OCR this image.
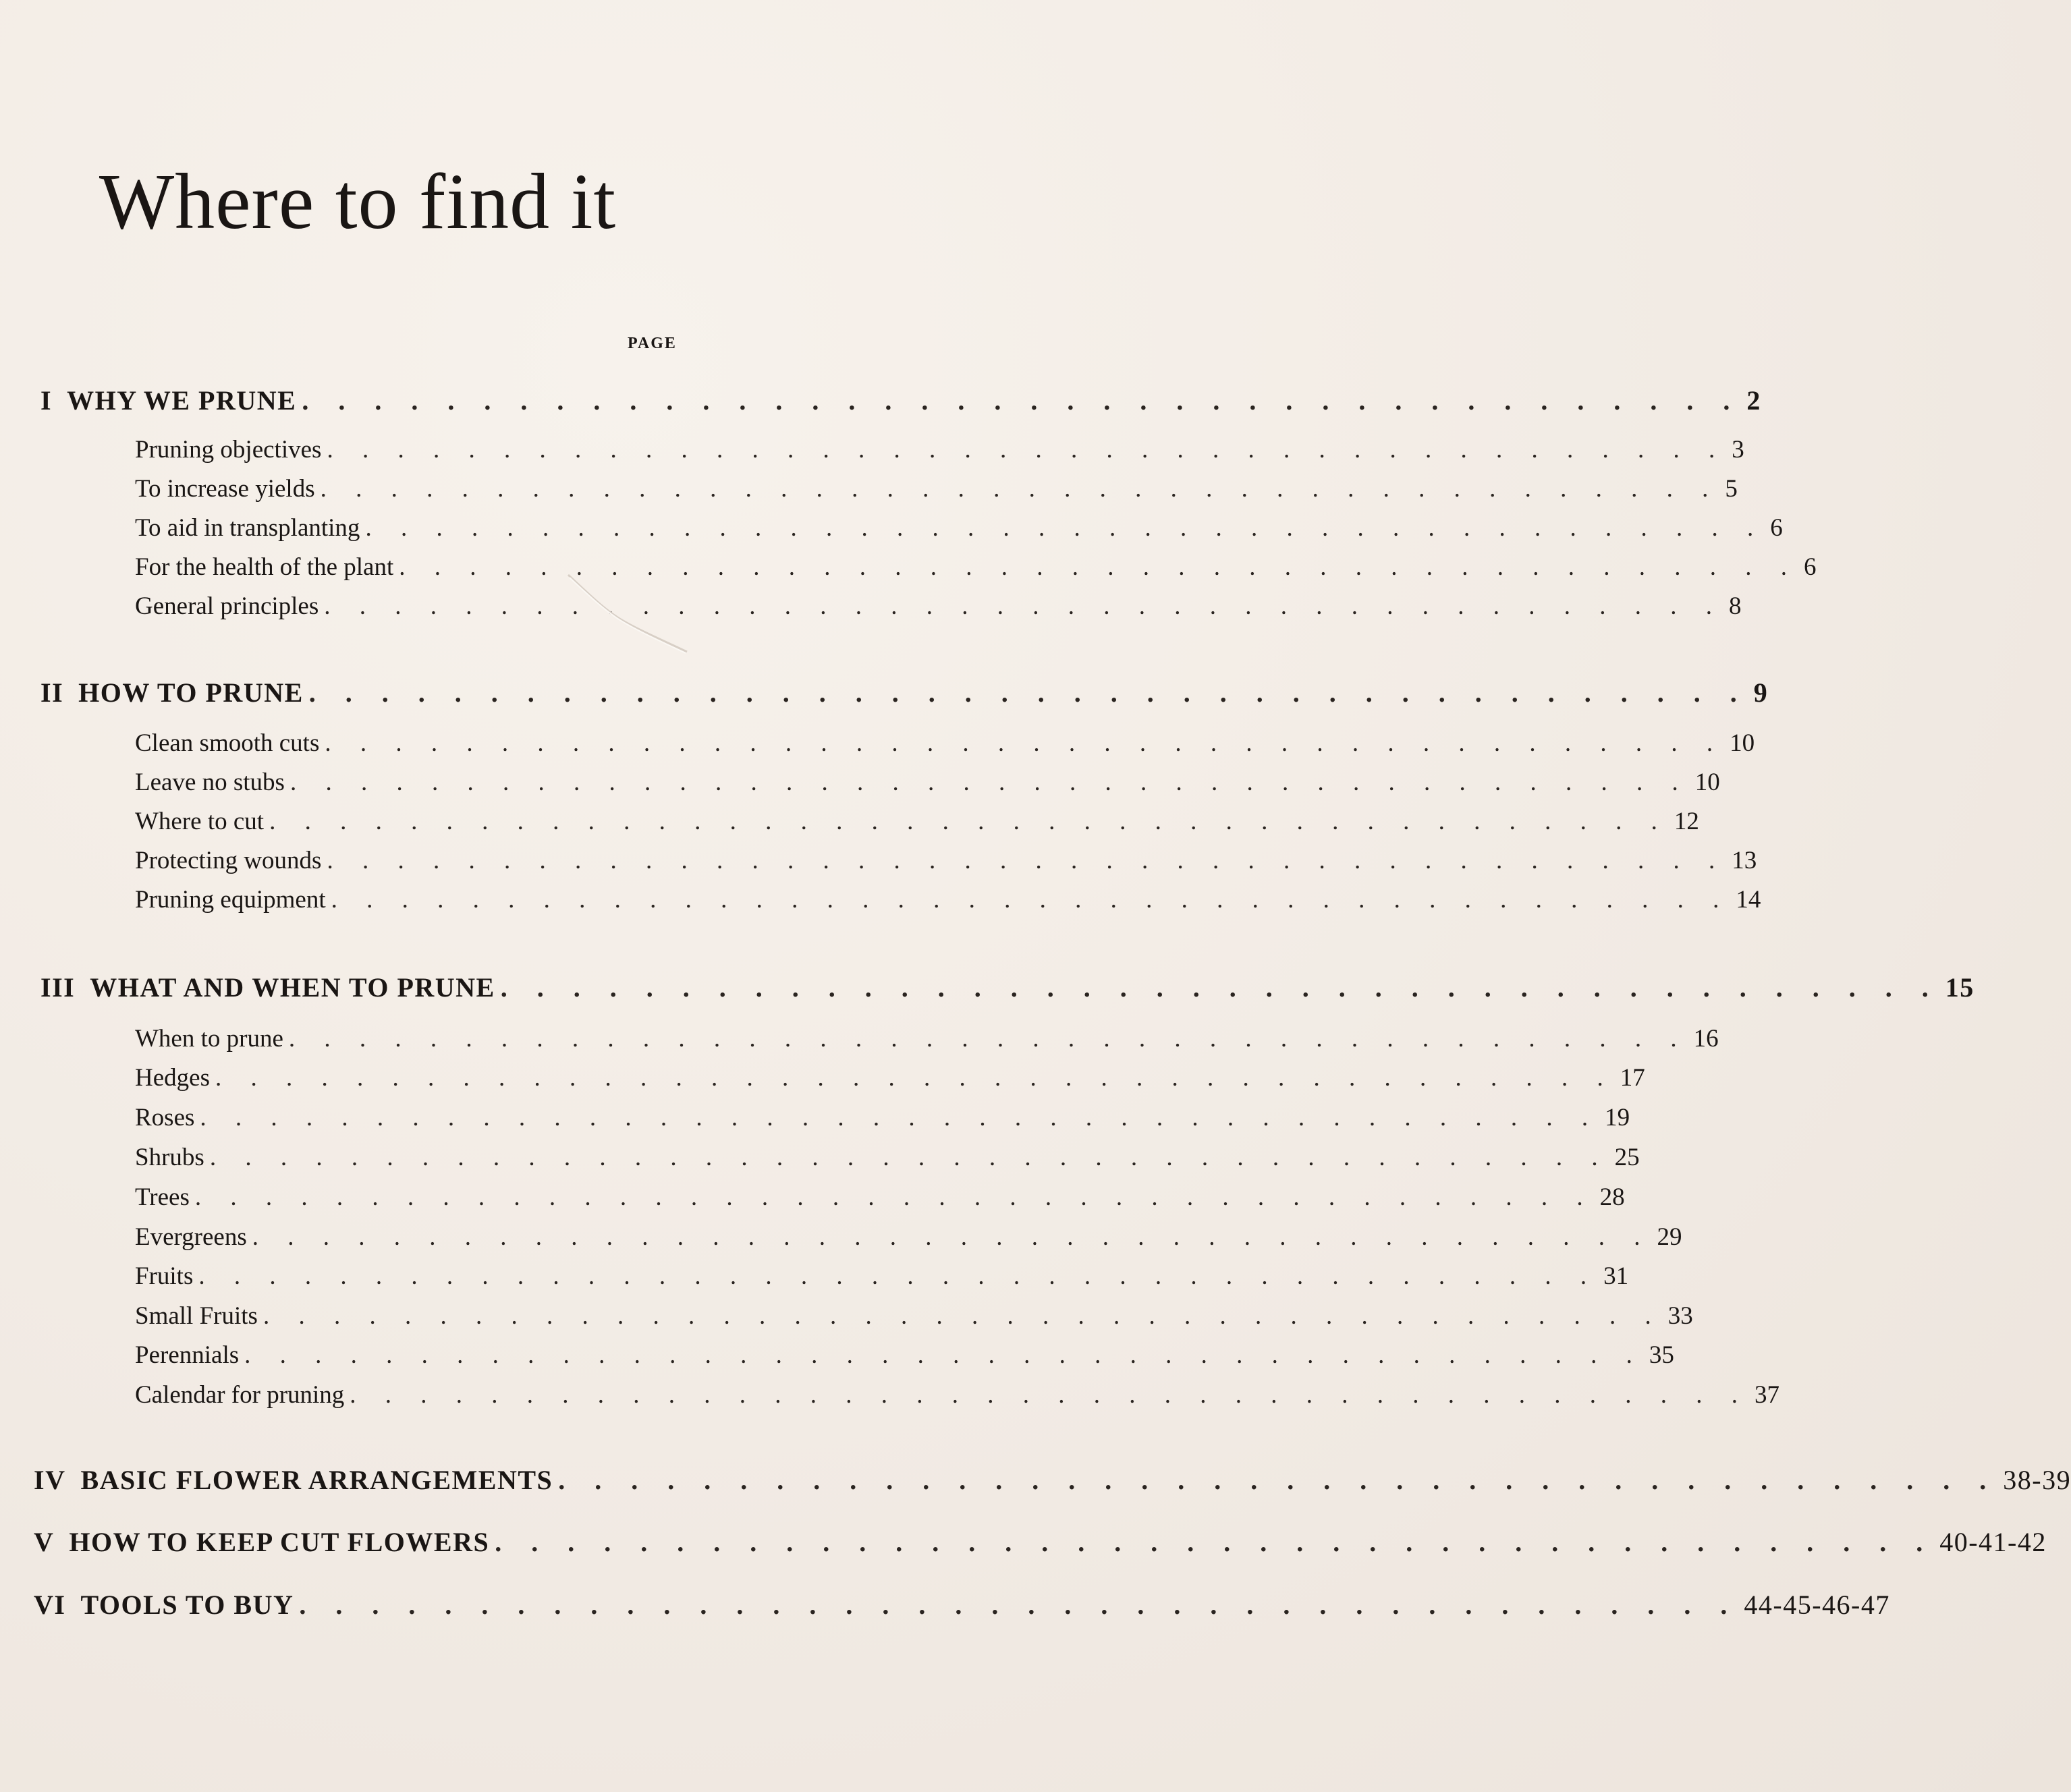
Where to find it
PAGE
I WHY WE PRUNE . . . . . . . . . . . . . . . . . . . . . . . . . . . . . . . . . . . . . . . . 2
Pruning objectives . . . . . . . . . . . . . . . . . . . . . . . . . . . . . . . . . . . . . . . . 3
To increase yields . . . . . . . . . . . . . . . . . . . . . . . . . . . . . . . . . . . . . . . . 5
To aid in transplanting . . . . . . . . . . . . . . . . . . . . . . . . . . . . . . . . . . . . . . . . 6
For the health of the plant . . . . . . . . . . . . . . . . . . . . . . . . . . . . . . . . . . . . . . . . 6
General principles . . . . . . . . . . . . . . . . . . . . . . . . . . . . . . . . . . . . . . . . 8
II HOW TO PRUNE . . . . . . . . . . . . . . . . . . . . . . . . . . . . . . . . . . . . . . . . 9
Clean smooth cuts . . . . . . . . . . . . . . . . . . . . . . . . . . . . . . . . . . . . . . . . 10
Leave no stubs . . . . . . . . . . . . . . . . . . . . . . . . . . . . . . . . . . . . . . . . 10
Where to cut . . . . . . . . . . . . . . . . . . . . . . . . . . . . . . . . . . . . . . . . 12
Protecting wounds . . . . . . . . . . . . . . . . . . . . . . . . . . . . . . . . . . . . . . . . 13
Pruning equipment . . . . . . . . . . . . . . . . . . . . . . . . . . . . . . . . . . . . . . . . 14
III WHAT AND WHEN TO PRUNE . . . . . . . . . . . . . . . . . . . . . . . . . . . . . . . . . . . . . . . . 15
When to prune . . . . . . . . . . . . . . . . . . . . . . . . . . . . . . . . . . . . . . . . 16
Hedges . . . . . . . . . . . . . . . . . . . . . . . . . . . . . . . . . . . . . . . . 17
Roses . . . . . . . . . . . . . . . . . . . . . . . . . . . . . . . . . . . . . . . . 19
Shrubs . . . . . . . . . . . . . . . . . . . . . . . . . . . . . . . . . . . . . . . . 25
Trees . . . . . . . . . . . . . . . . . . . . . . . . . . . . . . . . . . . . . . . . 28
Evergreens . . . . . . . . . . . . . . . . . . . . . . . . . . . . . . . . . . . . . . . . 29
Fruits . . . . . . . . . . . . . . . . . . . . . . . . . . . . . . . . . . . . . . . . 31
Small Fruits . . . . . . . . . . . . . . . . . . . . . . . . . . . . . . . . . . . . . . . . 33
Perennials . . . . . . . . . . . . . . . . . . . . . . . . . . . . . . . . . . . . . . . . 35
Calendar for pruning . . . . . . . . . . . . . . . . . . . . . . . . . . . . . . . . . . . . . . . . 37
IV BASIC FLOWER ARRANGEMENTS . . . . . . . . . . . . . . . . . . . . . . . . . . . . . . . . . . . . . . . . 38-39
V HOW TO KEEP CUT FLOWERS . . . . . . . . . . . . . . . . . . . . . . . . . . . . . . . . . . . . . . . . 40-41-42
VI TOOLS TO BUY . . . . . . . . . . . . . . . . . . . . . . . . . . . . . . . . . . . . . . . . 44-45-46-47
